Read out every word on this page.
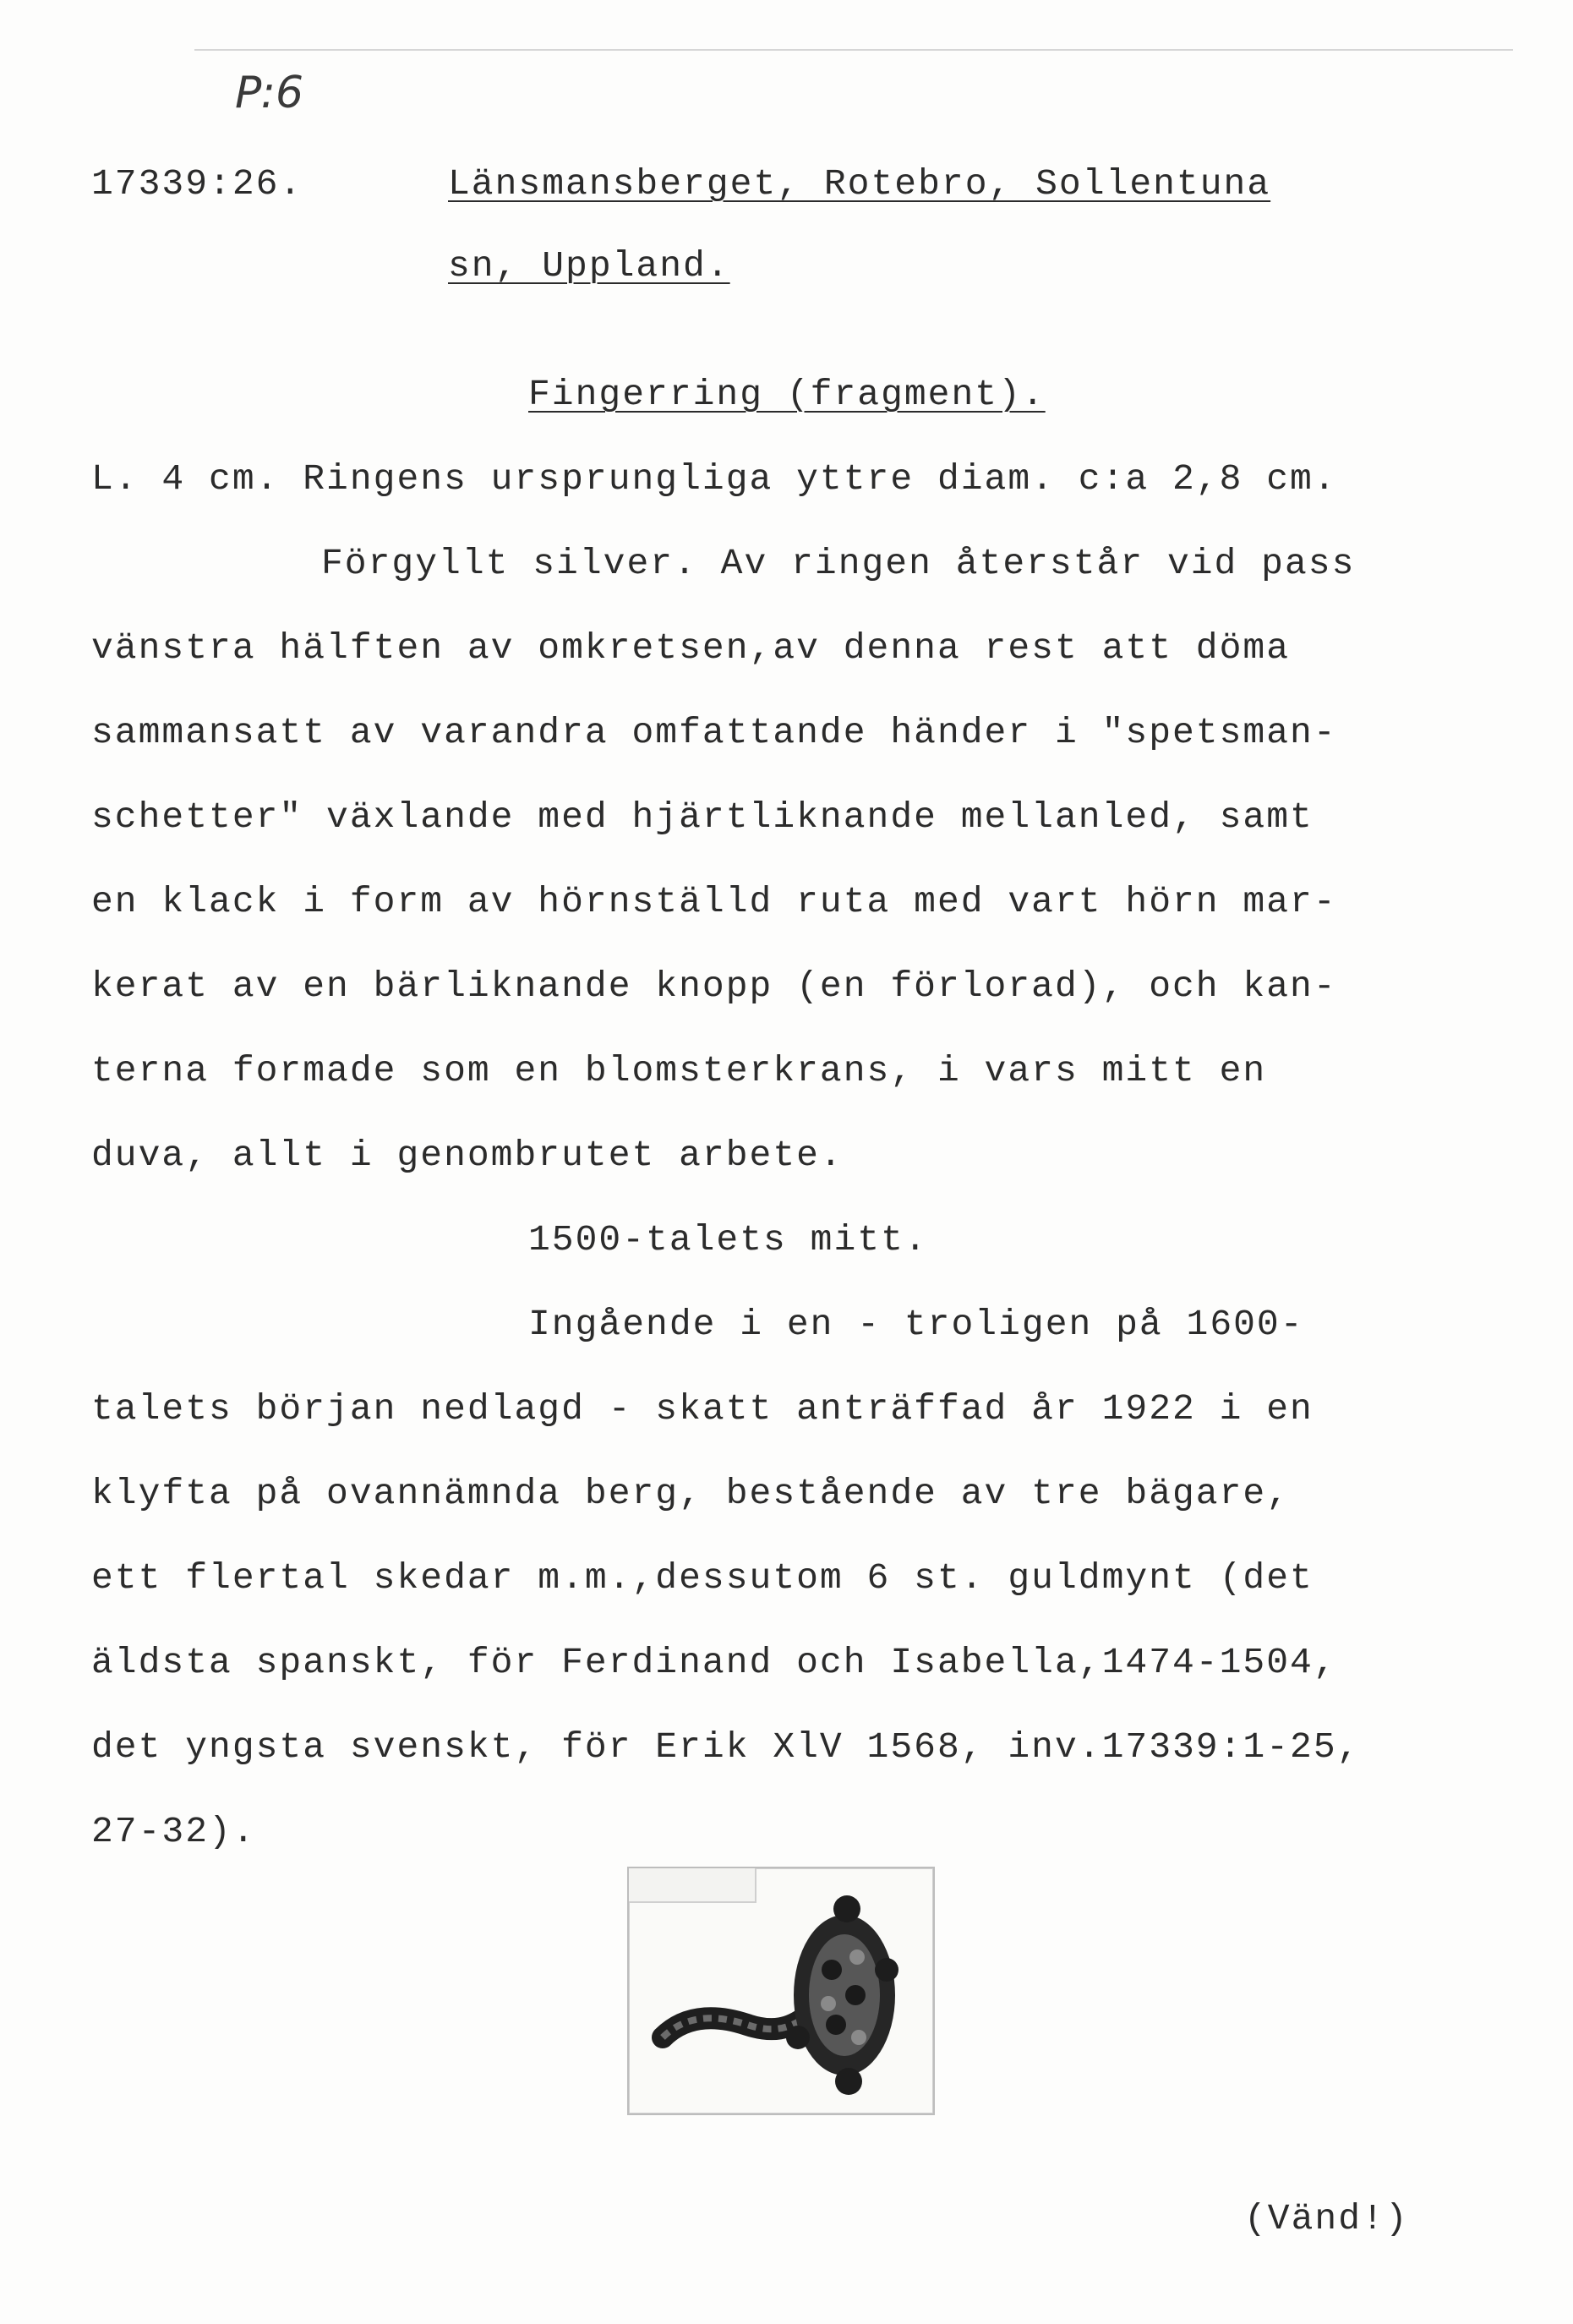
P:6
17339:26.	Länsmansberget, Rotebro, Sollentuna
sn, Uppland.
Fingerring (fragment).
L. 4 cm. Ringens ursprungliga yttre diam. c:a 2,8 cm.
Förgyllt silver. Av ringen återstår vid pass
vänstra hälften av omkretsen,av denna rest att döma
sammansatt av varandra omfattande händer i "spetsman-
schetter" växlande med hjärtliknande mellanled, samt
en klack i form av hörnställd ruta med vart hörn mar-
kerat av en bärliknande knopp (en förlorad), och kan-
terna formade som en blomsterkrans, i vars mitt en
duva, allt i genombrutet arbete.
1500-talets mitt.
Ingående i en - troligen på 1600-
talets början nedlagd - skatt anträffad år 1922 i en
klyfta på ovannämnda berg, bestående av tre bägare,
ett flertal skedar m.m.,dessutom 6 st. guldmynt (det
äldsta spanskt, för Ferdinand och Isabella,1474-1504,
det yngsta svenskt, för Erik XlV 1568, inv.17339:1-25,
27-32).
(Vänd!)
